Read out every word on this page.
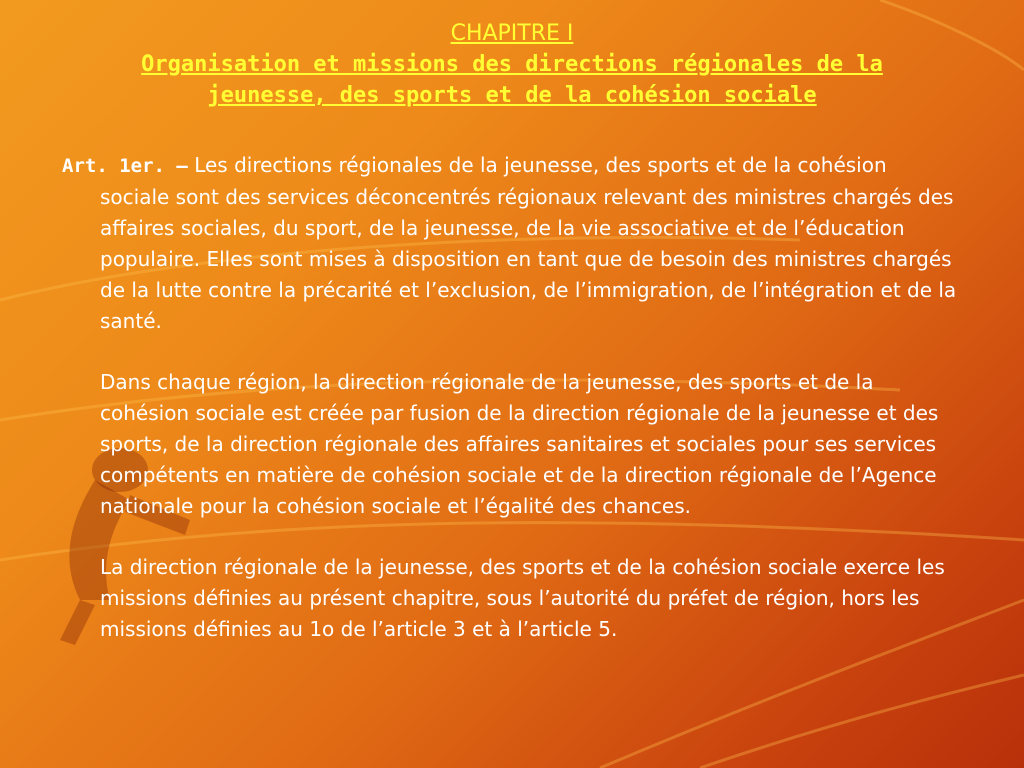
CHAPITRE I
Organisation et missions des directions régionales de la
jeunesse, des sports et de la cohésion sociale

Art. 1er. – Les directions régionales de la jeunesse, des sports et de la cohésion sociale sont des services déconcentrés régionaux relevant des ministres chargés des affaires sociales, du sport, de la jeunesse, de la vie associative et de l’éducation populaire. Elles sont mises à disposition en tant que de besoin des ministres chargés de la lutte contre la précarité et l’exclusion, de l’immigration, de l’intégration et de la santé.

Dans chaque région, la direction régionale de la jeunesse, des sports et de la cohésion sociale est créée par fusion de la direction régionale de la jeunesse et des sports, de la direction régionale des affaires sanitaires et sociales pour ses services compétents en matière de cohésion sociale et de la direction régionale de l’Agence nationale pour la cohésion sociale et l’égalité des chances.

La direction régionale de la jeunesse, des sports et de la cohésion sociale exerce les missions définies au présent chapitre, sous l’autorité du préfet de région, hors les missions définies au 1o de l’article 3 et à l’article 5.
